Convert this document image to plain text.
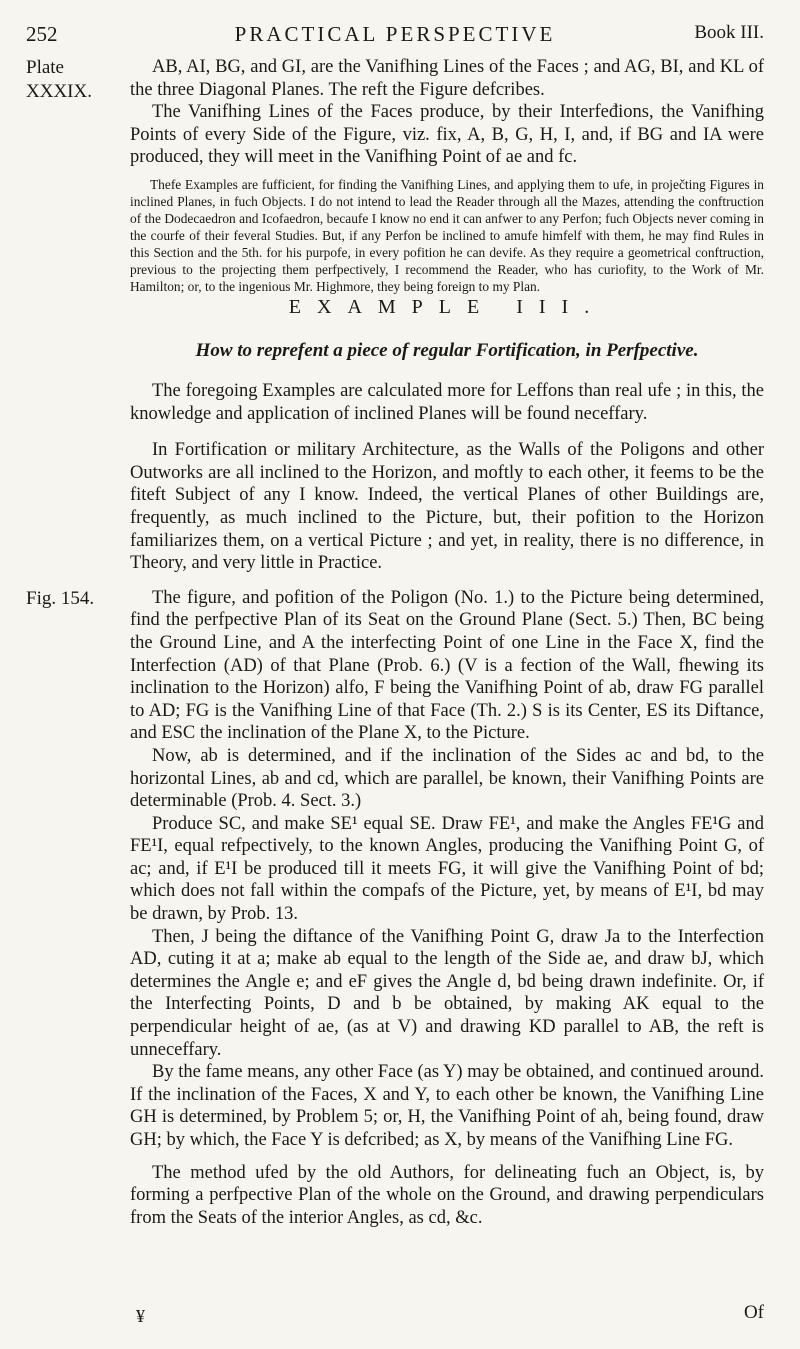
252	PRACTICAL PERSPECTIVE	Book III.
Plate
XXXIX.
Fig. 154.

AB, AI, BG, and GI, are the Vanifhing Lines of the Faces ; and AG, BI, and KL of the three Diagonal Planes. The reft the Figure defcribes.

The Vanifhing Lines of the Faces produce, by their Interfeđions, the Vanifhing Points of every Side of the Figure, viz. fix, A, B, G, H, I, and, if BG and IA were produced, they will meet in the Vanifhing Point of ae and fc.

Thefe Examples are fufficient, for finding the Vanifhing Lines, and applying them to ufe, in proječting Figures in inclined Planes, in fuch Objects. I do not intend to lead the Reader through all the Mazes, attending the conftruction of the Dodecaedron and Icofaedron, becaufe I know no end it can anfwer to any Perfon; fuch Objects never coming in the courfe of their feveral Studies. But, if any Perfon be inclined to amufe himfelf with them, he may find Rules in this Section and the 5th. for his purpofe, in every pofition he can devife. As they require a geometrical conftruction, previous to the projecting them perfpectively, I recommend the Reader, who has curiofity, to the Work of Mr. Hamilton; or, to the ingenious Mr. Highmore, they being foreign to my Plan.

EXAMPLE III.
How to reprefent a piece of regular Fortification, in Perfpective.

The foregoing Examples are calculated more for Leffons than real ufe ; in this, the knowledge and application of inclined Planes will be found neceffary.

In Fortification or military Architecture, as the Walls of the Poligons and other Outworks are all inclined to the Horizon, and moftly to each other, it feems to be the fiteft Subject of any I know. Indeed, the vertical Planes of other Buildings are, frequently, as much inclined to the Picture, but, their pofition to the Horizon familiarizes them, on a vertical Picture ; and yet, in reality, there is no difference, in Theory, and very little in Practice.

The figure, and pofition of the Poligon (No. 1.) to the Picture being determined, find the perfpective Plan of its Seat on the Ground Plane (Sect. 5.) Then, BC being the Ground Line, and A the interfecting Point of one Line in the Face X, find the Interfection (AD) of that Plane (Prob. 6.) (V is a fection of the Wall, fhewing its inclination to the Horizon) alfo, F being the Vanifhing Point of ab, draw FG parallel to AD; FG is the Vanifhing Line of that Face (Th. 2.) S is its Center, ES its Diftance, and ESC the inclination of the Plane X, to the Picture.

Now, ab is determined, and if the inclination of the Sides ac and bd, to the horizontal Lines, ab and cd, which are parallel, be known, their Vanifhing Points are determinable (Prob. 4. Sect. 3.)

Produce SC, and make SE¹ equal SE. Draw FE¹, and make the Angles FE¹G and FE¹I, equal refpectively, to the known Angles, producing the Vanifhing Point G, of ac; and, if E¹I be produced till it meets FG, it will give the Vanifhing Point of bd; which does not fall within the compafs of the Picture, yet, by means of E¹I, bd may be drawn, by Prob. 13.

Then, J being the diftance of the Vanifhing Point G, draw Ja to the Interfection AD, cuting it at a; make ab equal to the length of the Side ae, and draw bJ, which determines the Angle e; and eF gives the Angle d, bd being drawn indefinite. Or, if the Interfecting Points, D and b be obtained, by making AK equal to the perpendicular height of ae, (as at V) and drawing KD parallel to AB, the reft is unneceffary.

By the fame means, any other Face (as Y) may be obtained, and continued around. If the inclination of the Faces, X and Y, to each other be known, the Vanifhing Line GH is determined, by Problem 5; or, H, the Vanifhing Point of ah, being found, draw GH; by which, the Face Y is defcribed; as X, by means of the Vanifhing Line FG.

The method ufed by the old Authors, for delineating fuch an Object, is, by forming a perfpective Plan of the whole on the Ground, and drawing perpendiculars from the Seats of the interior Angles, as cd, &c.

¥	Of
